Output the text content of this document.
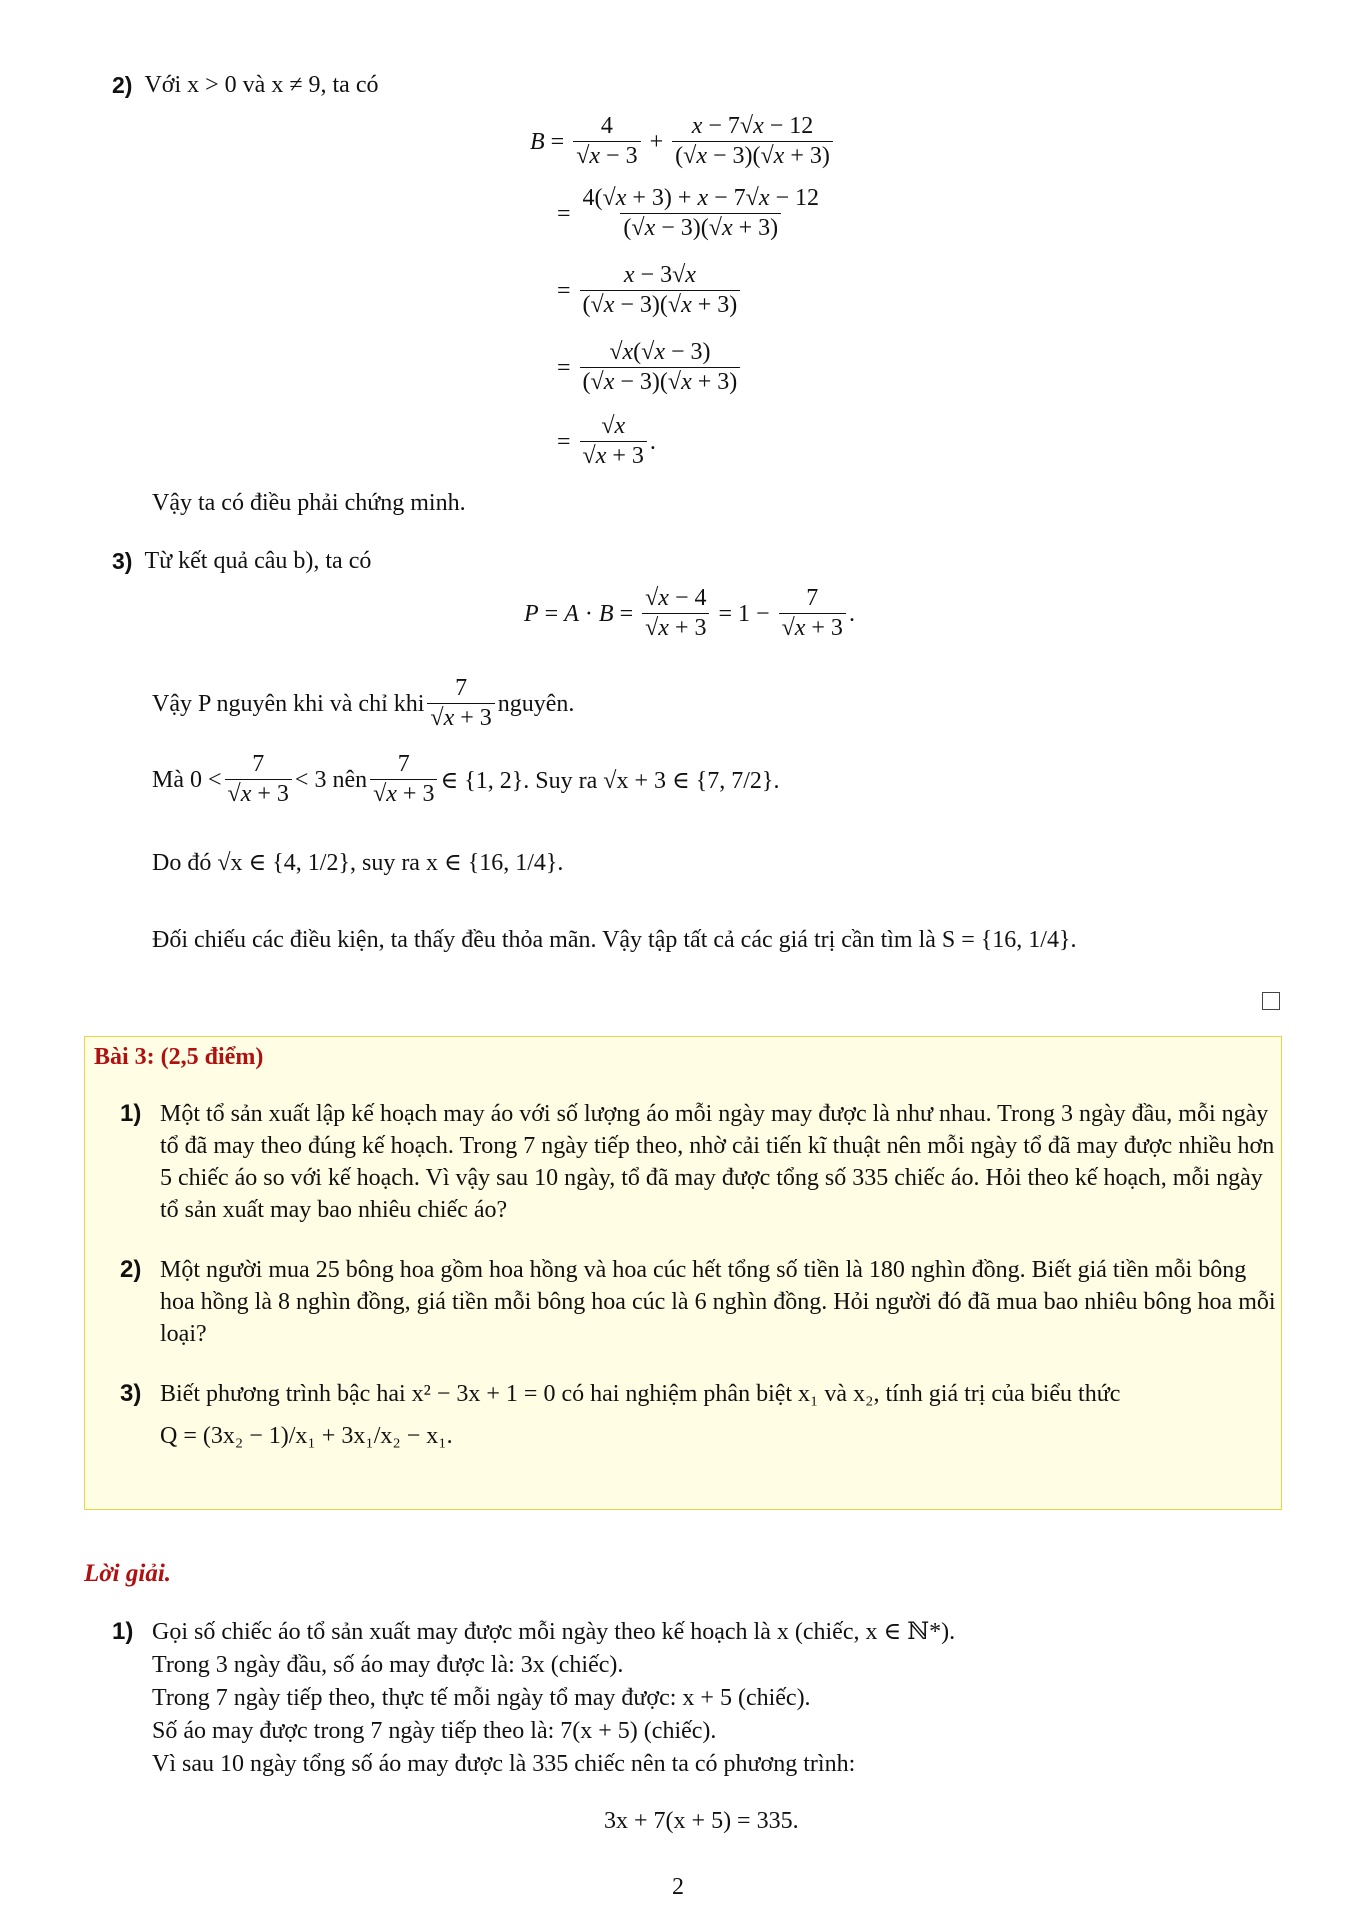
2) Với x > 0 và x ≠ 9, ta có
$B = \frac{4}{√x - 3} + \frac{x - 7√x - 12}{(√x - 3)(√x + 3)}$
= $\frac{4(√x + 3) + x - 7√x - 12}{(√x - 3)(√x + 3)}$
= $\frac{x - 3√x}{(√x - 3)(√x + 3)}$
= $\frac{√x(√x - 3)}{(√x - 3)(√x + 3)}$
= $\frac{√x}{√x + 3}$ .
Vậy ta có điều phải chứng minh.
3) Từ kết quả câu b), ta có
$P = A \cdot B = \frac{√x - 4}{√x + 3} = 1 - \frac{7}{√x + 3}$ .
Vậy P nguyên khi và chỉ khi $\frac{7}{√x + 3}$ nguyên.
Mà $0 < \frac{7}{√x + 3} < 3$ nên $\frac{7}{√x + 3}$ ∈ {1, 2}. Suy ra √x + 3 ∈ {7, 7/2}.
Do đó √x ∈ {4, 1/2}, suy ra x ∈ {16, 1/4}.
Đối chiếu các điều kiện, ta thấy đều thỏa mãn. Vậy tập tất cả các giá trị cần tìm là S = {16, 1/4}.
Bài 3: (2,5 điểm)
1) Một tổ sản xuất lập kế hoạch may áo với số lượng áo mỗi ngày may được là như nhau. Trong 3 ngày đầu, mỗi ngày tổ đã may theo đúng kế hoạch. Trong 7 ngày tiếp theo, nhờ cải tiến kĩ thuật nên mỗi ngày tổ đã may được nhiều hơn 5 chiếc áo so với kế hoạch. Vì vậy sau 10 ngày, tổ đã may được tổng số 335 chiếc áo. Hỏi theo kế hoạch, mỗi ngày tổ sản xuất may bao nhiêu chiếc áo?
2) Một người mua 25 bông hoa gồm hoa hồng và hoa cúc hết tổng số tiền là 180 nghìn đồng. Biết giá tiền mỗi bông hoa hồng là 8 nghìn đồng, giá tiền mỗi bông hoa cúc là 6 nghìn đồng. Hỏi người đó đã mua bao nhiêu bông hoa mỗi loại?
3) Biết phương trình bậc hai x² − 3x + 1 = 0 có hai nghiệm phân biệt x₁ và x₂, tính giá trị của biểu thức
Q = (3x₂ − 1)/x₁ + 3x₁/x₂ − x₁.
Lời giải.
1) Gọi số chiếc áo tổ sản xuất may được mỗi ngày theo kế hoạch là x (chiếc, x ∈ ℕ*).
Trong 3 ngày đầu, số áo may được là: 3x (chiếc).
Trong 7 ngày tiếp theo, thực tế mỗi ngày tổ may được: x + 5 (chiếc).
Số áo may được trong 7 ngày tiếp theo là: 7(x + 5) (chiếc).
Vì sau 10 ngày tổng số áo may được là 335 chiếc nên ta có phương trình:
3x + 7(x + 5) = 335.
2
